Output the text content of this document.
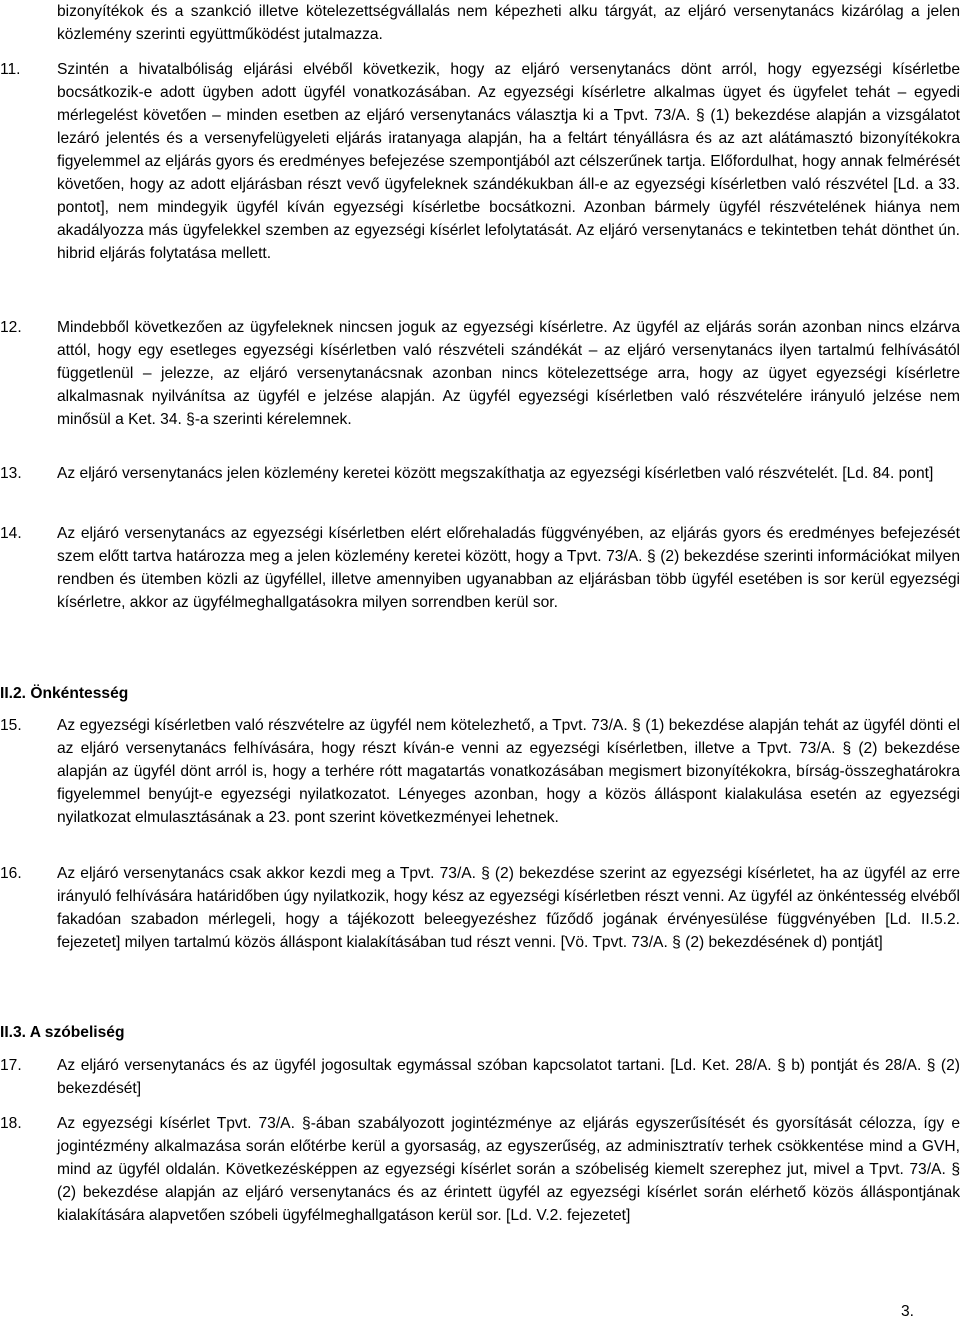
bizonyítékok és a szankció illetve kötelezettségvállalás nem képezheti alku tárgyát, az eljáró versenytanács kizárólag a jelen közlemény szerinti együttműködést jutalmazza.

11.	Szintén a hivatalbóliság eljárási elvéből következik, hogy az eljáró versenytanács dönt arról, hogy egyezségi kísérletbe bocsátkozik-e adott ügyben adott ügyfél vonatkozásában. Az egyezségi kísérletre alkalmas ügyet és ügyfelet tehát – egyedi mérlegelést követően – minden esetben az eljáró versenytanács választja ki a Tpvt. 73/A. § (1) bekezdése alapján a vizsgálatot lezáró jelentés és a versenyfelügyeleti eljárás iratanyaga alapján, ha a feltárt tényállásra és az azt alátámasztó bizonyítékokra figyelemmel az eljárás gyors és eredményes befejezése szempontjából azt célszerűnek tartja. Előfordulhat, hogy annak felmérését követően, hogy az adott eljárásban részt vevő ügyfeleknek szándékukban áll-e az egyezségi kísérletben való részvétel [Ld. a 33. pontot], nem mindegyik ügyfél kíván egyezségi kísérletbe bocsátkozni. Azonban bármely ügyfél részvételének hiánya nem akadályozza más ügyfelekkel szemben az egyezségi kísérlet lefolytatását. Az eljáró versenytanács e tekintetben tehát dönthet ún. hibrid eljárás folytatása mellett.

12.	Mindebből következően az ügyfeleknek nincsen joguk az egyezségi kísérletre. Az ügyfél az eljárás során azonban nincs elzárva attól, hogy egy esetleges egyezségi kísérletben való részvételi szándékát – az eljáró versenytanács ilyen tartalmú felhívásától függetlenül – jelezze, az eljáró versenytanácsnak azonban nincs kötelezettsége arra, hogy az ügyet egyezségi kísérletre alkalmasnak nyilvánítsa az ügyfél e jelzése alapján. Az ügyfél egyezségi kísérletben való részvételére irányuló jelzése nem minősül a Ket. 34. §-a szerinti kérelemnek.

13.	Az eljáró versenytanács jelen közlemény keretei között megszakíthatja az egyezségi kísérletben való részvételét. [Ld. 84. pont]

14.	Az eljáró versenytanács az egyezségi kísérletben elért előrehaladás függvényében, az eljárás gyors és eredményes befejezését szem előtt tartva határozza meg a jelen közlemény keretei között, hogy a Tpvt. 73/A. § (2) bekezdése szerinti információkat milyen rendben és ütemben közli az ügyféllel, illetve amennyiben ugyanabban az eljárásban több ügyfél esetében is sor kerül egyezségi kísérletre, akkor az ügyfélmeghallgatásokra milyen sorrendben kerül sor.

II.2. Önkéntesség
15.	Az egyezségi kísérletben való részvételre az ügyfél nem kötelezhető, a Tpvt. 73/A. § (1) bekezdése alapján tehát az ügyfél dönti el az eljáró versenytanács felhívására, hogy részt kíván-e venni az egyezségi kísérletben, illetve a Tpvt. 73/A. § (2) bekezdése alapján az ügyfél dönt arról is, hogy a terhére rótt magatartás vonatkozásában megismert bizonyítékokra, bírság-összeghatárokra figyelemmel benyújt-e egyezségi nyilatkozatot. Lényeges azonban, hogy a közös álláspont kialakulása esetén az egyezségi nyilatkozat elmulasztásának a 23. pont szerint következményei lehetnek.

16.	Az eljáró versenytanács csak akkor kezdi meg a Tpvt. 73/A. § (2) bekezdése szerint az egyezségi kísérletet, ha az ügyfél az erre irányuló felhívására határidőben úgy nyilatkozik, hogy kész az egyezségi kísérletben részt venni. Az ügyfél az önkéntesség elvéből fakadóan szabadon mérlegeli, hogy a tájékozott beleegyezéshez fűződő jogának érvényesülése függvényében [Ld. II.5.2. fejezetet] milyen tartalmú közös álláspont kialakításában tud részt venni. [Vö. Tpvt. 73/A. § (2) bekezdésének d) pontját]

II.3. A szóbeliség
17.	Az eljáró versenytanács és az ügyfél jogosultak egymással szóban kapcsolatot tartani. [Ld. Ket. 28/A. § b) pontját és 28/A. § (2) bekezdését]

18.	Az egyezségi kísérlet Tpvt. 73/A. §-ában szabályozott jogintézménye az eljárás egyszerűsítését és gyorsítását célozza, így e jogintézmény alkalmazása során előtérbe kerül a gyorsaság, az egyszerűség, az adminisztratív terhek csökkentése mind a GVH, mind az ügyfél oldalán. Következésképpen az egyezségi kísérlet során a szóbeliség kiemelt szerephez jut, mivel a Tpvt. 73/A. § (2) bekezdése alapján az eljáró versenytanács és az érintett ügyfél az egyezségi kísérlet során elérhető közös álláspontjának kialakítására alapvetően szóbeli ügyfélmeghallgatáson kerül sor. [Ld. V.2. fejezetet]

3.
